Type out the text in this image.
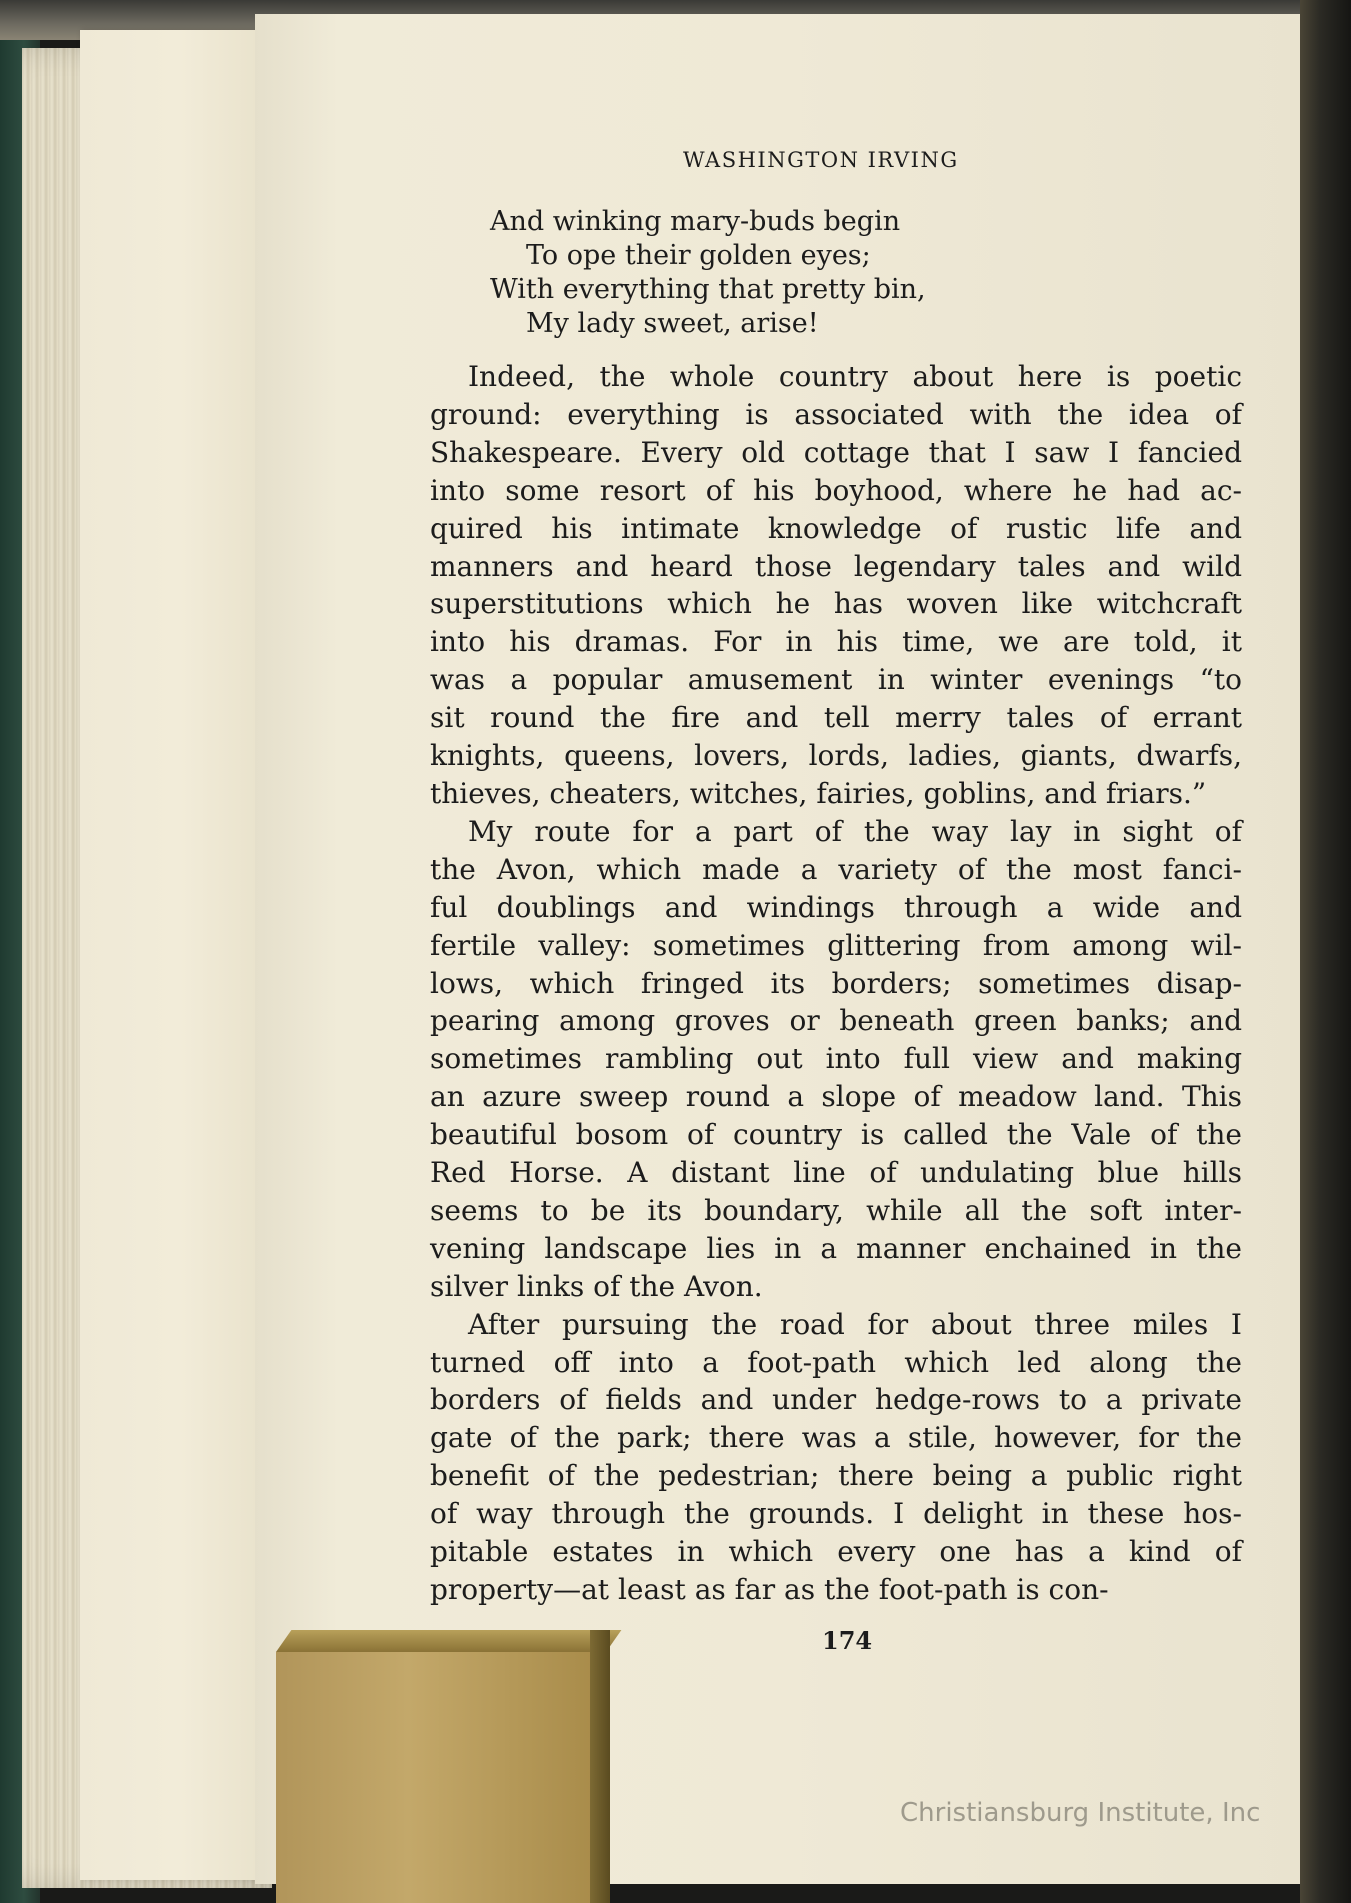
WASHINGTON IRVING
And winking mary-buds begin
To ope their golden eyes;
With everything that pretty bin,
My lady sweet, arise!
Indeed, the whole country about here is poetic
ground: everything is associated with the idea of
Shakespeare. Every old cottage that I saw I fancied
into some resort of his boyhood, where he had ac-
quired his intimate knowledge of rustic life and
manners and heard those legendary tales and wild
superstitutions which he has woven like witchcraft
into his dramas. For in his time, we are told, it
was a popular amusement in winter evenings “to
sit round the fire and tell merry tales of errant
knights, queens, lovers, lords, ladies, giants, dwarfs,
thieves, cheaters, witches, fairies, goblins, and friars.”
My route for a part of the way lay in sight of
the Avon, which made a variety of the most fanci-
ful doublings and windings through a wide and
fertile valley: sometimes glittering from among wil-
lows, which fringed its borders; sometimes disap-
pearing among groves or beneath green banks; and
sometimes rambling out into full view and making
an azure sweep round a slope of meadow land. This
beautiful bosom of country is called the Vale of the
Red Horse. A distant line of undulating blue hills
seems to be its boundary, while all the soft inter-
vening landscape lies in a manner enchained in the
silver links of the Avon.
After pursuing the road for about three miles I
turned off into a foot-path which led along the
borders of fields and under hedge-rows to a private
gate of the park; there was a stile, however, for the
benefit of the pedestrian; there being a public right
of way through the grounds. I delight in these hos-
pitable estates in which every one has a kind of
property—at least as far as the foot-path is con-
174
Christiansburg Institute, Inc
